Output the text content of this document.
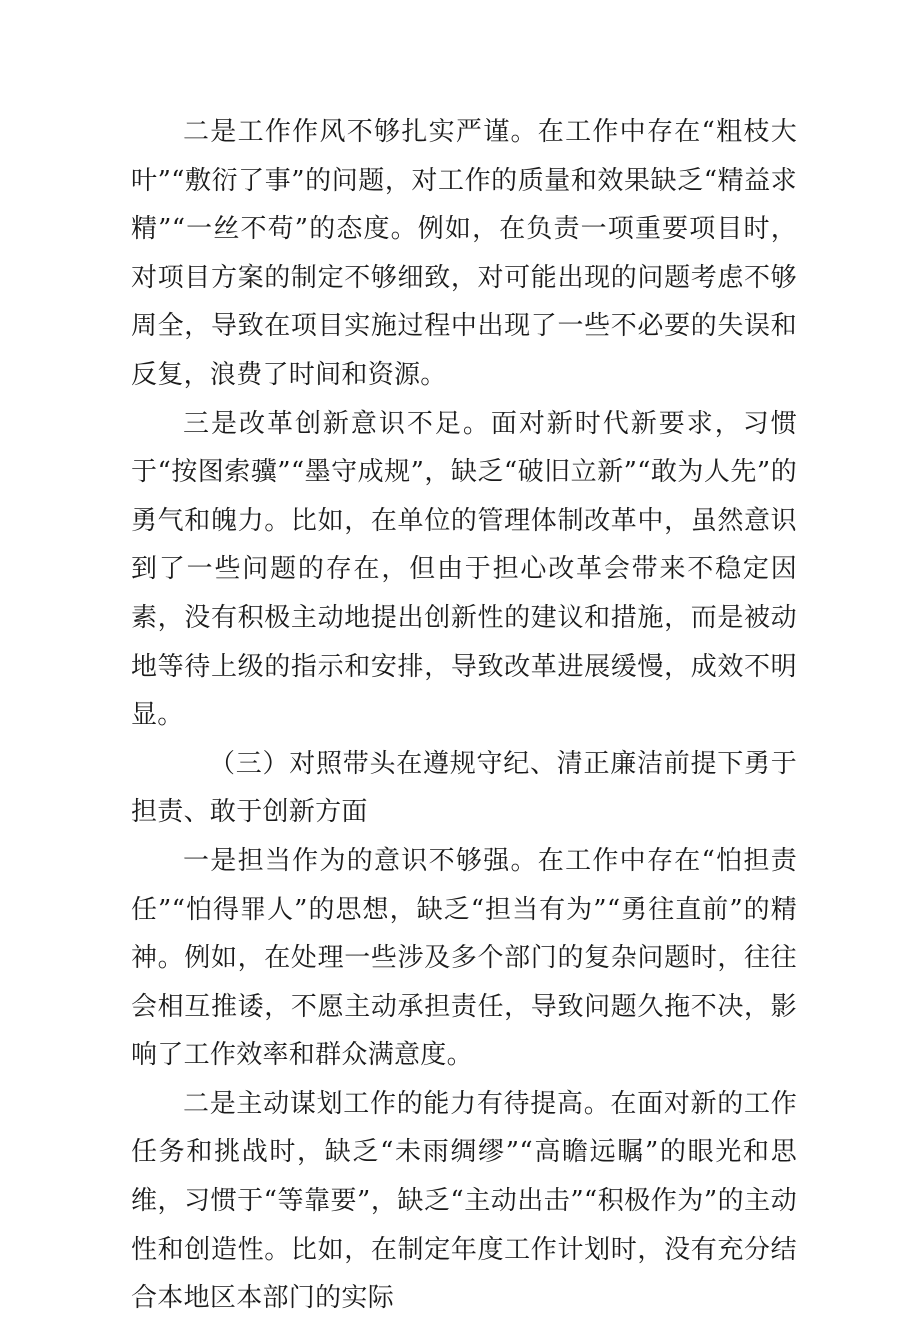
二是工作作风不够扎实严谨。在工作中存在“粗枝大叶”“敷衍了事”的问题，对工作的质量和效果缺乏“精益求精”“一丝不苟”的态度。例如，在负责一项重要项目时，对项目方案的制定不够细致，对可能出现的问题考虑不够周全，导致在项目实施过程中出现了一些不必要的失误和反复，浪费了时间和资源。

三是改革创新意识不足。面对新时代新要求，习惯于“按图索骥”“墨守成规”，缺乏“破旧立新”“敢为人先”的勇气和魄力。比如，在单位的管理体制改革中，虽然意识到了一些问题的存在，但由于担心改革会带来不稳定因素，没有积极主动地提出创新性的建议和措施，而是被动地等待上级的指示和安排，导致改革进展缓慢，成效不明显。

（三）对照带头在遵规守纪、清正廉洁前提下勇于担责、敢于创新方面

一是担当作为的意识不够强。在工作中存在“怕担责任”“怕得罪人”的思想，缺乏“担当有为”“勇往直前”的精神。例如，在处理一些涉及多个部门的复杂问题时，往往会相互推诿，不愿主动承担责任，导致问题久拖不决，影响了工作效率和群众满意度。

二是主动谋划工作的能力有待提高。在面对新的工作任务和挑战时，缺乏“未雨绸缪”“高瞻远瞩”的眼光和思维，习惯于“等靠要”，缺乏“主动出击”“积极作为”的主动性和创造性。比如，在制定年度工作计划时，没有充分结合本地区本部门的实际
